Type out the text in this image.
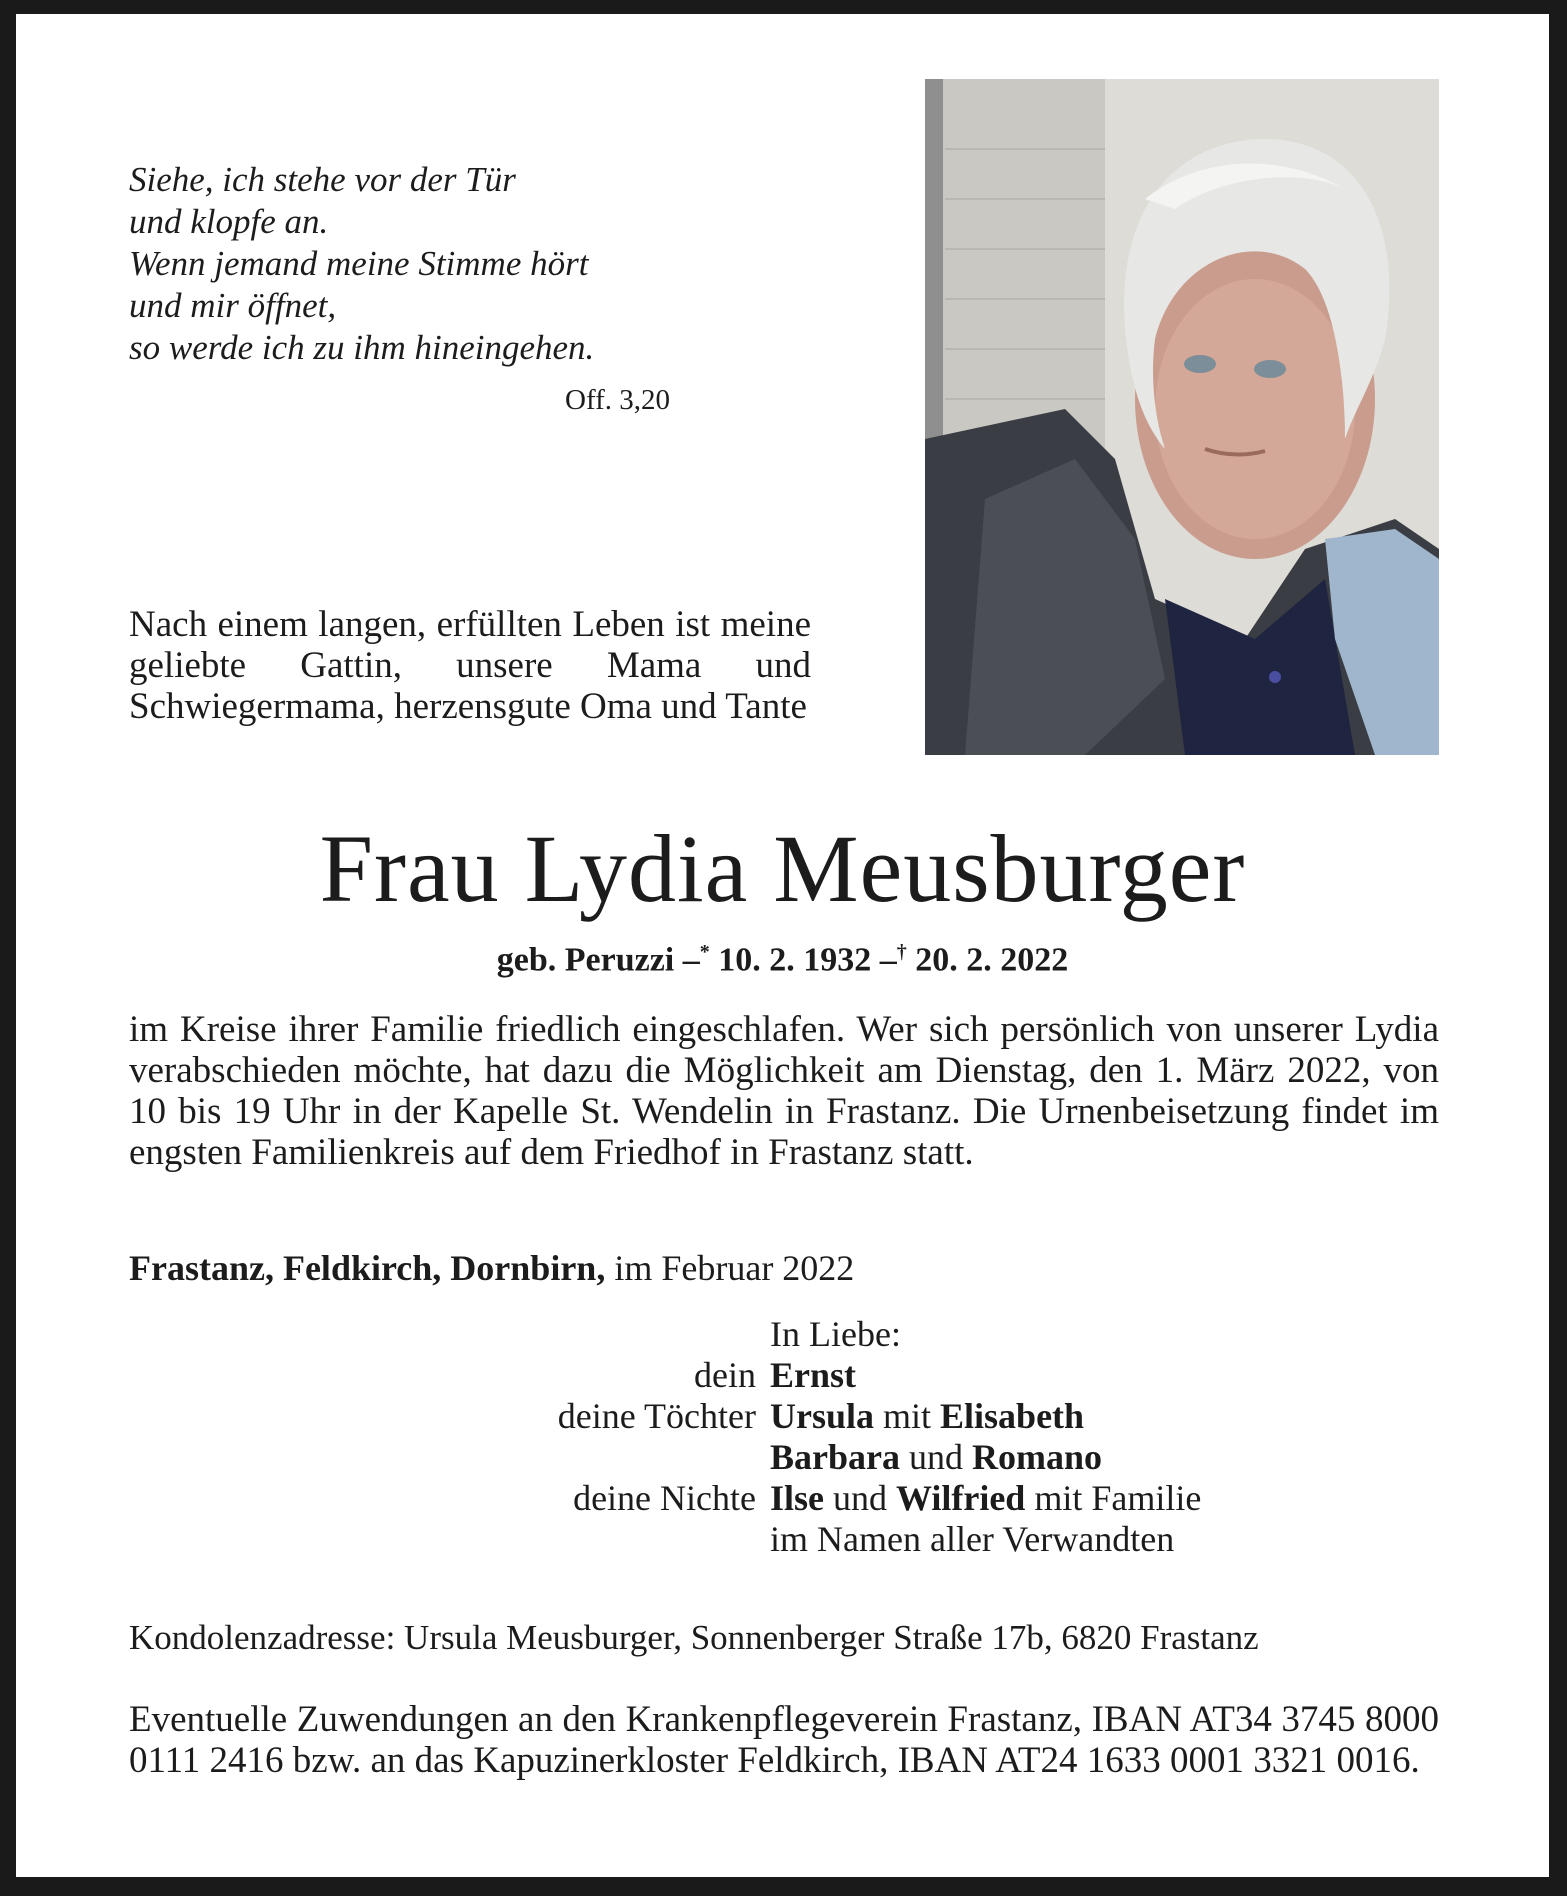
Siehe, ich stehe vor der Tür
und klopfe an.
Wenn jemand meine Stimme hört
und mir öffnet,
so werde ich zu ihm hineingehen.
Off. 3,20
Nach einem langen, erfüllten Leben ist meine geliebte Gattin, unsere Mama und Schwiegermama, herzensgute Oma und Tante
Frau Lydia Meusburger
geb. Peruzzi –* 10. 2. 1932 –† 20. 2. 2022
im Kreise ihrer Familie friedlich eingeschlafen. Wer sich persönlich von unserer Lydia verabschieden möchte, hat dazu die Möglichkeit am Dienstag, den 1. März 2022, von 10 bis 19 Uhr in der Kapelle St. Wendelin in Frastanz. Die Urnenbeisetzung findet im engsten Familienkreis auf dem Friedhof in Frastanz statt.
Frastanz, Feldkirch, Dornbirn, im Februar 2022
In Liebe:
dein Ernst
deine Töchter Ursula mit Elisabeth
Barbara und Romano
deine Nichte Ilse und Wilfried mit Familie
im Namen aller Verwandten
Kondolenzadresse: Ursula Meusburger, Sonnenberger Straße 17b, 6820 Frastanz
Eventuelle Zuwendungen an den Krankenpflegeverein Frastanz, IBAN AT34 3745 8000 0111 2416 bzw. an das Kapuzinerkloster Feldkirch, IBAN AT24 1633 0001 3321 0016.
